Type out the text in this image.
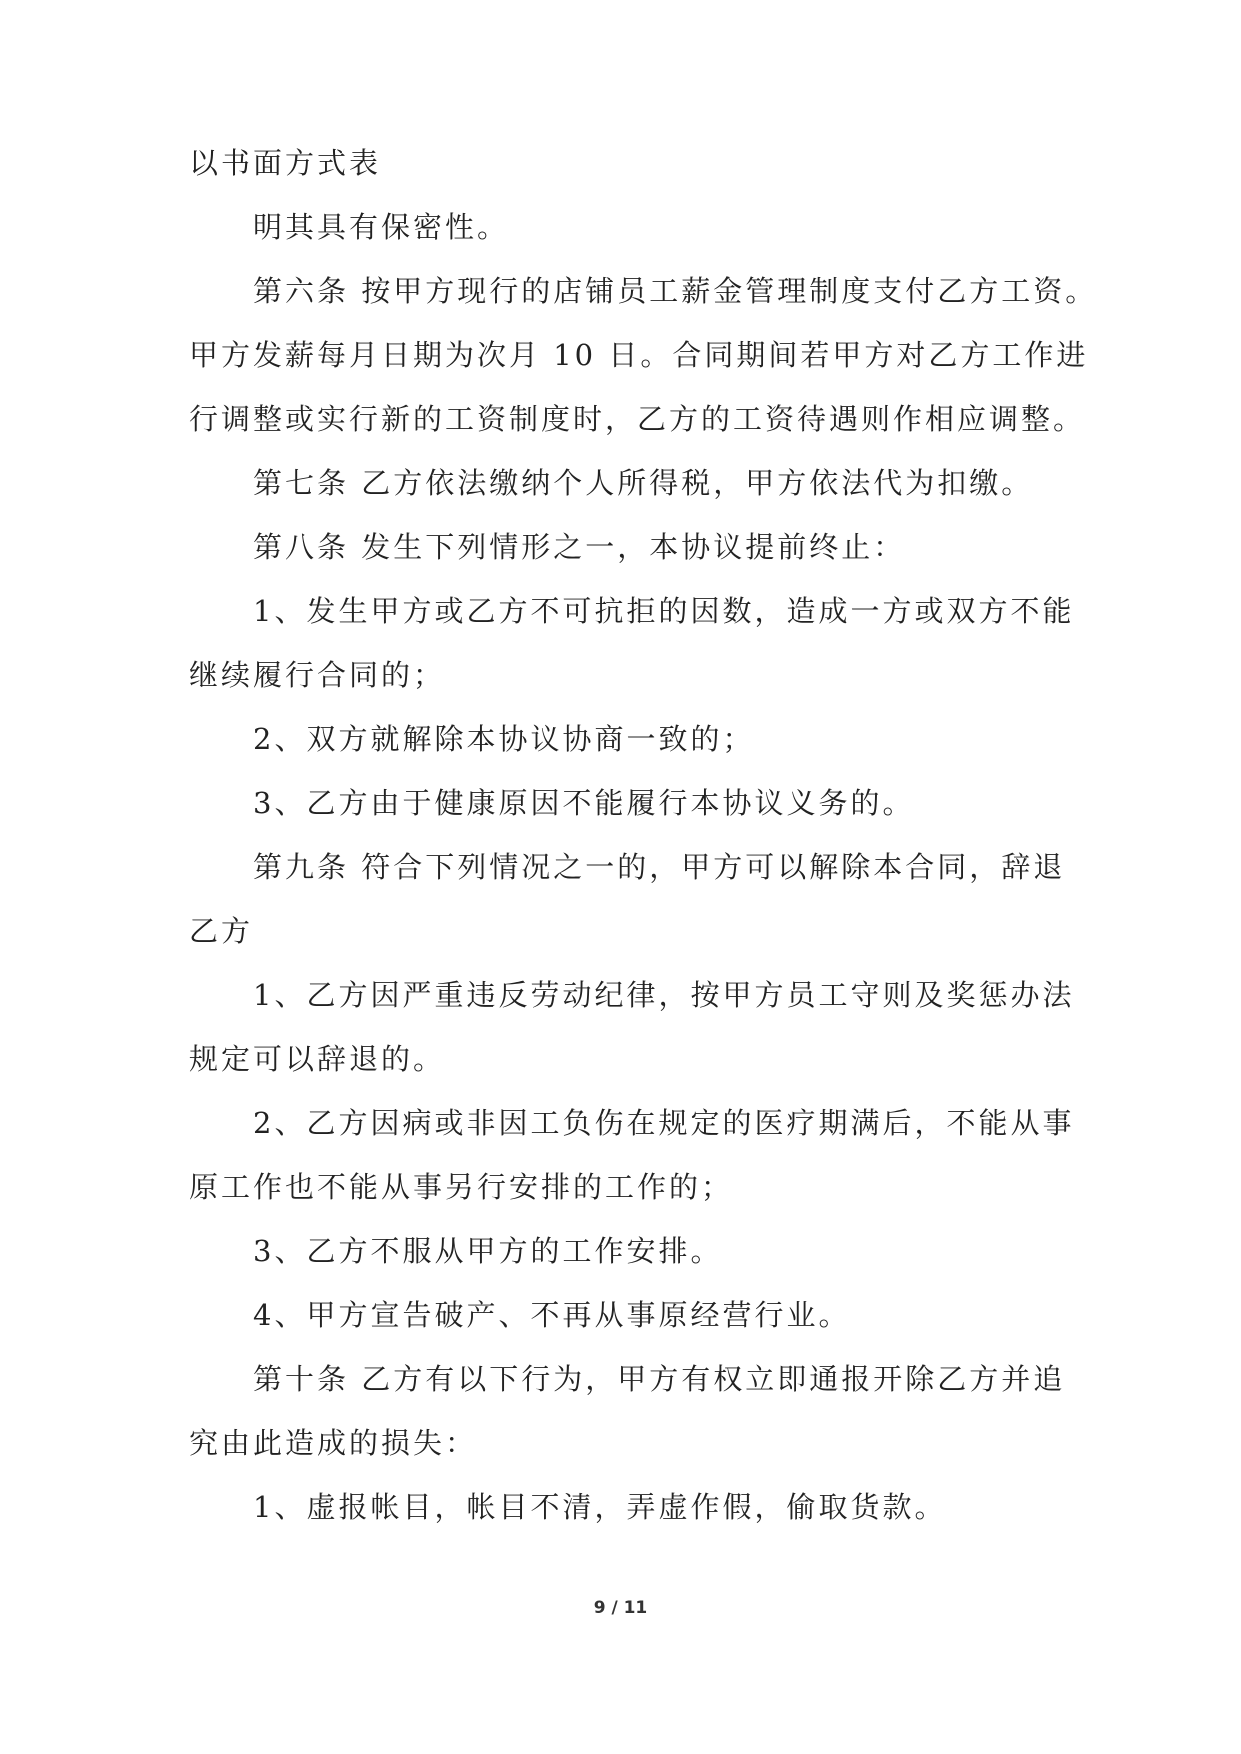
以书面方式表
明其具有保密性。
第六条 按甲方现行的店铺员工薪金管理制度支付乙方工资。
甲方发薪每月日期为次月 10 日。合同期间若甲方对乙方工作进
行调整或实行新的工资制度时，乙方的工资待遇则作相应调整。
第七条 乙方依法缴纳个人所得税，甲方依法代为扣缴。
第八条 发生下列情形之一，本协议提前终止：
1、发生甲方或乙方不可抗拒的因数，造成一方或双方不能
继续履行合同的；
2、双方就解除本协议协商一致的；
3、乙方由于健康原因不能履行本协议义务的。
第九条 符合下列情况之一的，甲方可以解除本合同，辞退
乙方
1、乙方因严重违反劳动纪律，按甲方员工守则及奖惩办法
规定可以辞退的。
2、乙方因病或非因工负伤在规定的医疗期满后，不能从事
原工作也不能从事另行安排的工作的；
3、乙方不服从甲方的工作安排。
4、甲方宣告破产、不再从事原经营行业。
第十条 乙方有以下行为，甲方有权立即通报开除乙方并追
究由此造成的损失：
1、虚报帐目，帐目不清，弄虚作假，偷取货款。
9 / 11
